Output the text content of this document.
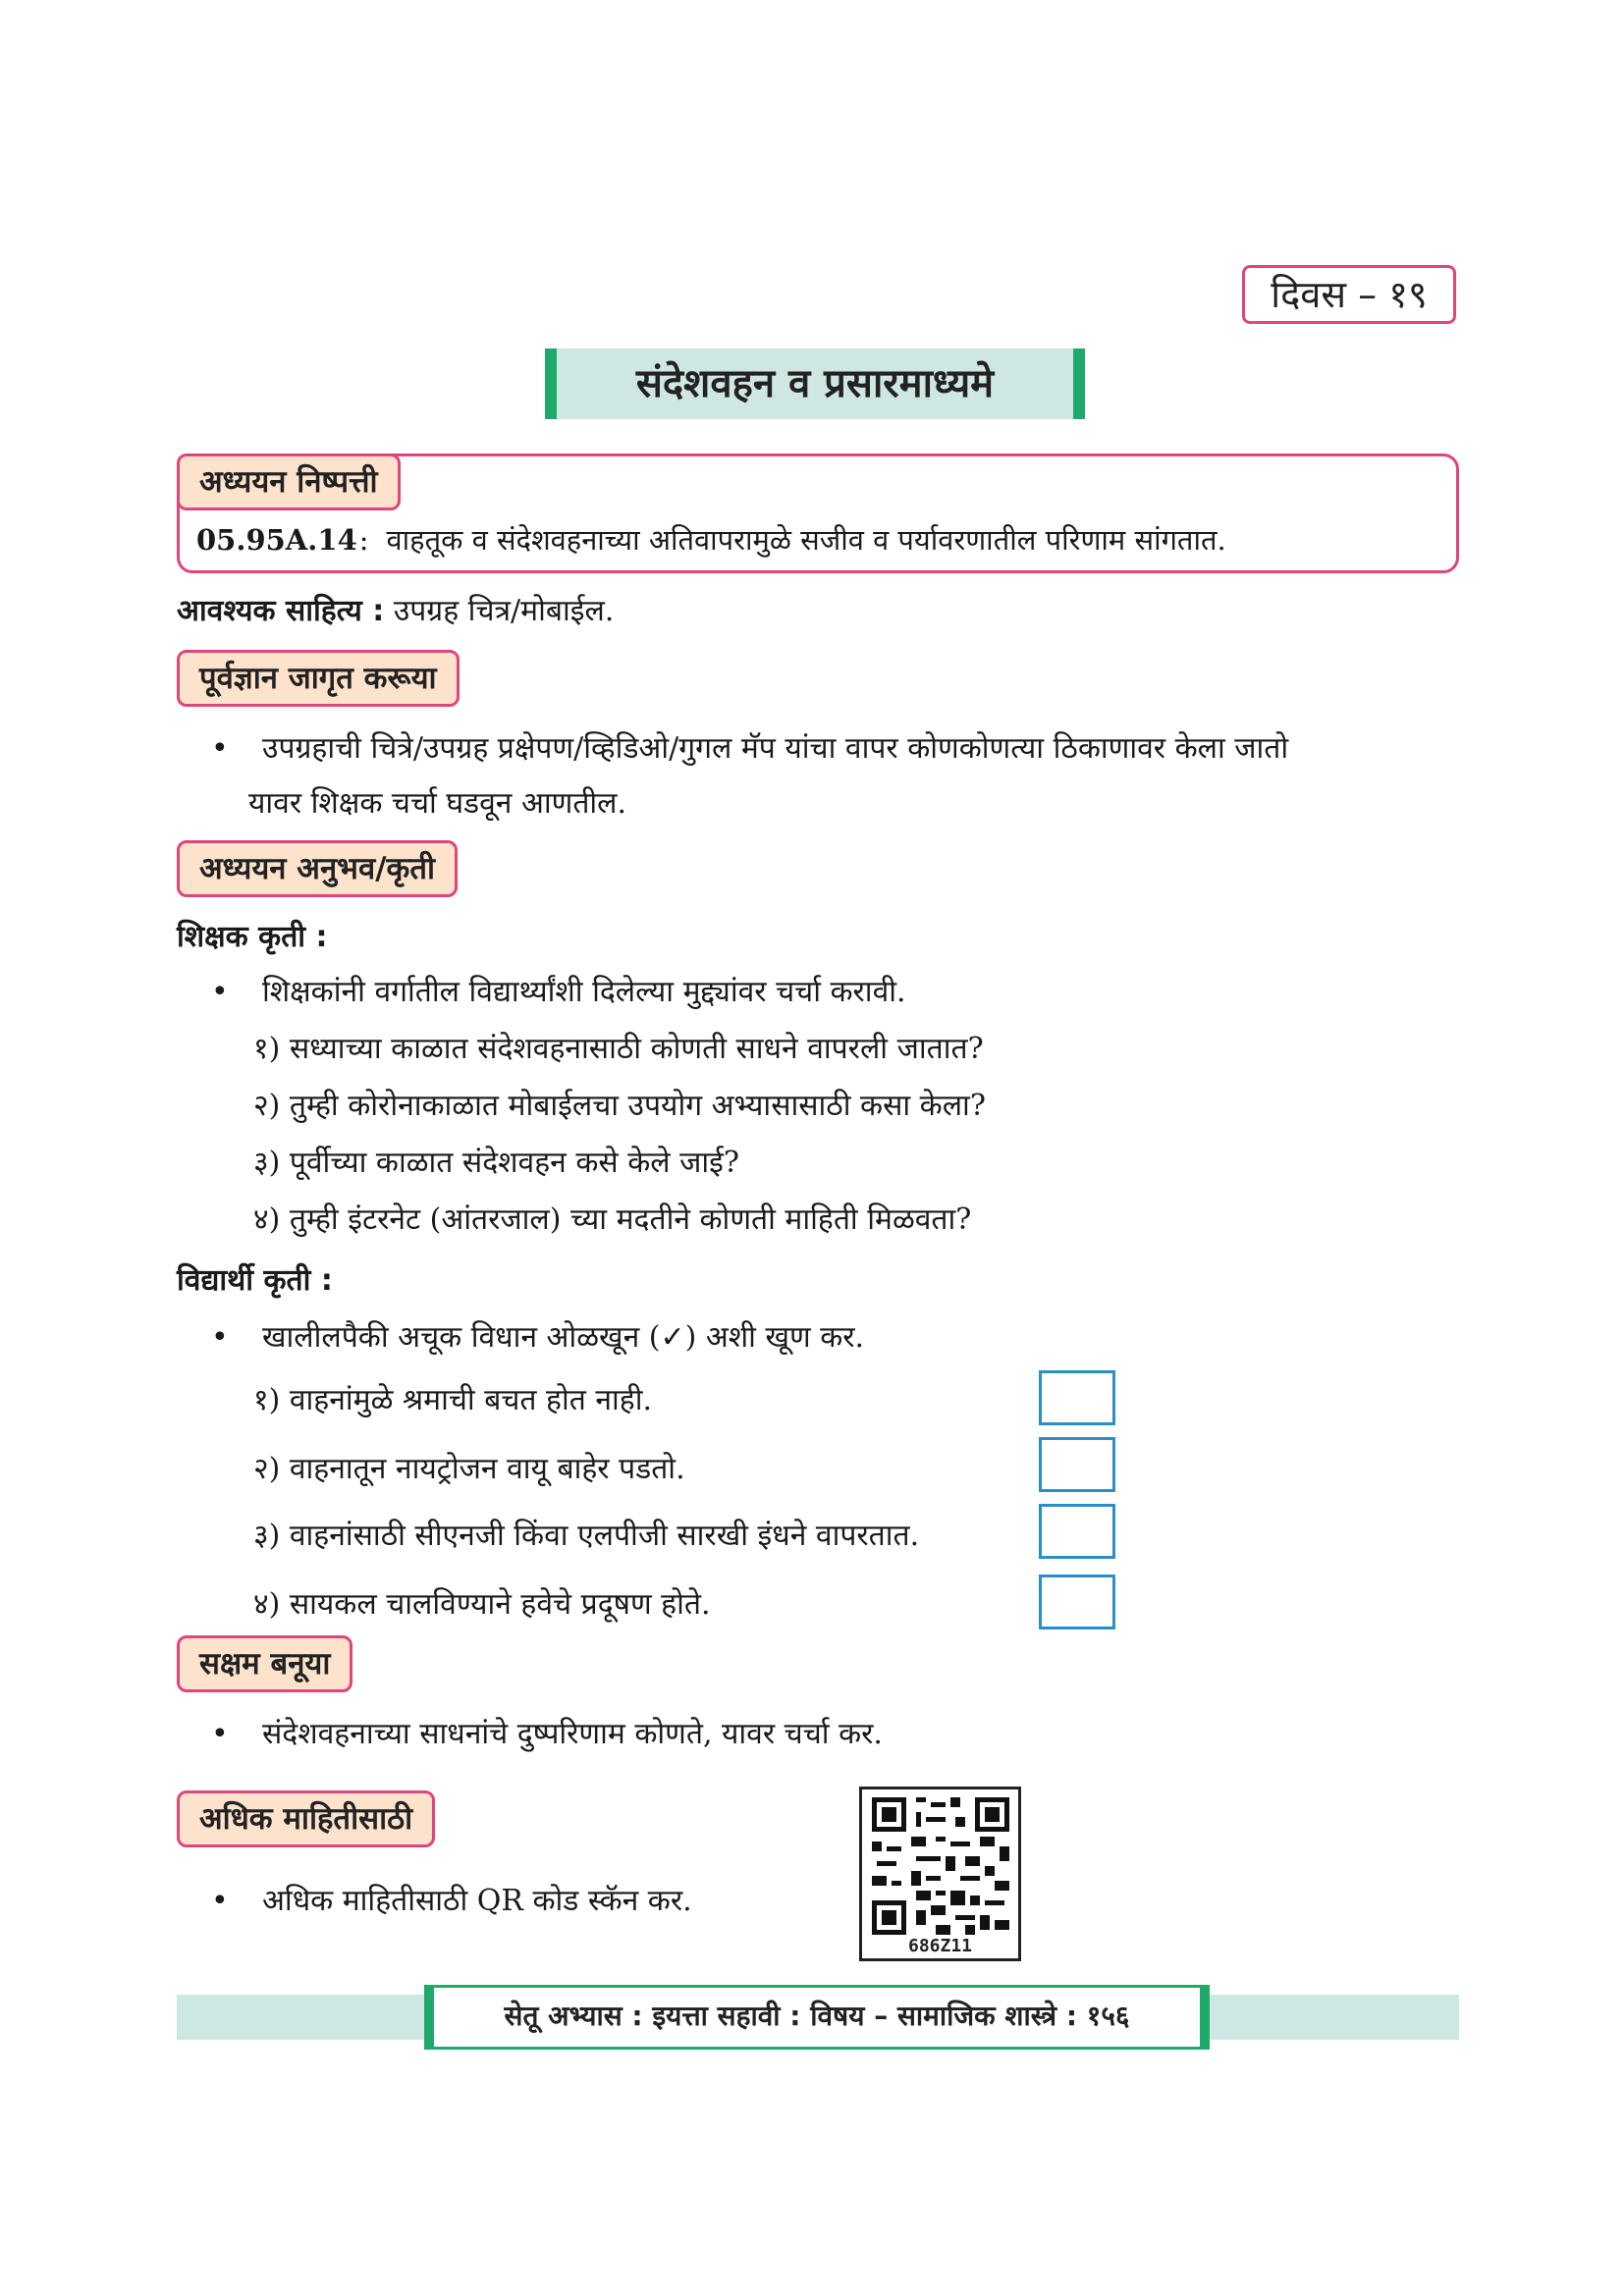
दिवस – १९
संदेशवहन व प्रसारमाध्यमे
अध्ययन निष्पत्ती
05.95A.14: वाहतूक व संदेशवहनाच्या अतिवापरामुळे सजीव व पर्यावरणातील परिणाम सांगतात.
आवश्यक साहित्य : उपग्रह चित्र/मोबाईल.
पूर्वज्ञान जागृत करूया
• उपग्रहाची चित्रे/उपग्रह प्रक्षेपण/व्हिडिओ/गुगल मॅप यांचा वापर कोणकोणत्या ठिकाणावर केला जातो
यावर शिक्षक चर्चा घडवून आणतील.
अध्ययन अनुभव/कृती
शिक्षक कृती :
• शिक्षकांनी वर्गातील विद्यार्थ्यांशी दिलेल्या मुद्द्यांवर चर्चा करावी.
१) सध्याच्या काळात संदेशवहनासाठी कोणती साधने वापरली जातात?
२) तुम्ही कोरोनाकाळात मोबाईलचा उपयोग अभ्यासासाठी कसा केला?
३) पूर्वीच्या काळात संदेशवहन कसे केले जाई?
४) तुम्ही इंटरनेट (आंतरजाल) च्या मदतीने कोणती माहिती मिळवता?
विद्यार्थी कृती :
• खालीलपैकी अचूक विधान ओळखून (✓) अशी खूण कर.
१) वाहनांमुळे श्रमाची बचत होत नाही.
२) वाहनातून नायट्रोजन वायू बाहेर पडतो.
३) वाहनांसाठी सीएनजी किंवा एलपीजी सारखी इंधने वापरतात.
४) सायकल चालविण्याने हवेचे प्रदूषण होते.
सक्षम बनूया
• संदेशवहनाच्या साधनांचे दुष्परिणाम कोणते, यावर चर्चा कर.
अधिक माहितीसाठी
• अधिक माहितीसाठी QR कोड स्कॅन कर.
686Z11
सेतू अभ्यास : इयत्ता सहावी : विषय – सामाजिक शास्त्रे : १५६
